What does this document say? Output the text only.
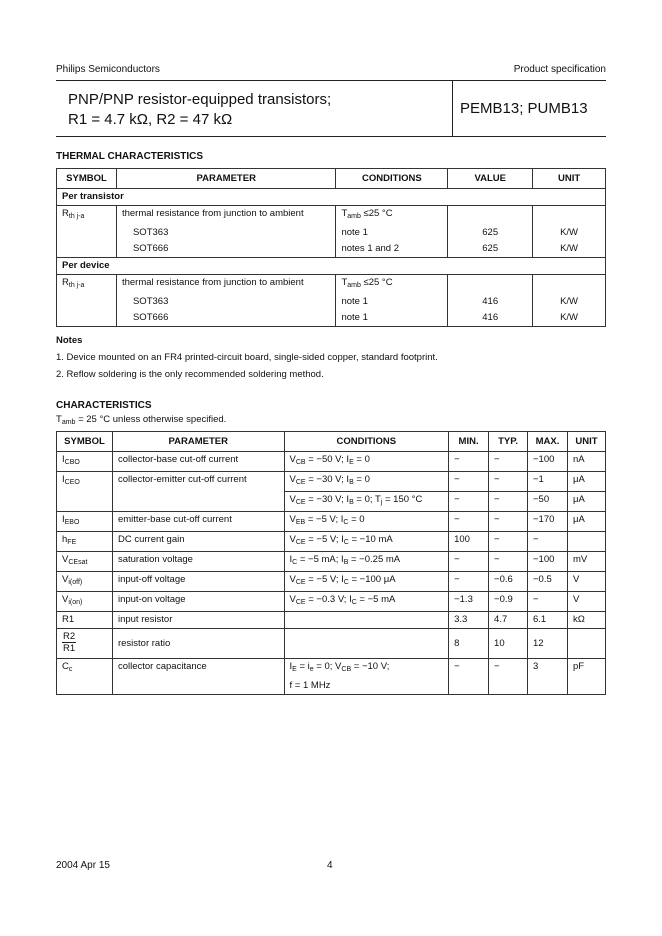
Philips Semiconductors	Product specification
PNP/PNP resistor-equipped transistors;
R1 = 4.7 kΩ, R2 = 47 kΩ
PEMB13; PUMB13
THERMAL CHARACTERISTICS
SYMBOL	PARAMETER	CONDITIONS	VALUE	UNIT
Per transistor				
$R_{th j-a}$	thermal resistance from junction to ambient	$T_{amb} \le 25$ °C		
	SOT363	note 1	625	K/W
	SOT666	notes 1 and 2	625	K/W
Per device				
$R_{th j-a}$	thermal resistance from junction to ambient	$T_{amb} \le 25$ °C		
	SOT363	note 1	416	K/W
	SOT666	note 1	416	K/W
Notes
1. Device mounted on an FR4 printed-circuit board, single-sided copper, standard footprint.
2. Reflow soldering is the only recommended soldering method.
CHARACTERISTICS
$T_{amb} = 25$ °C unless otherwise specified.
SYMBOL	PARAMETER	CONDITIONS	MIN.	TYP.	MAX.	UNIT
$I_{CBO}$	collector-base cut-off current	$V_{CB} = -50$ V; $I_E = 0$	−	−	−100	nA
$I_{CEO}$	collector-emitter cut-off current	$V_{CE} = -30$ V; $I_B = 0$	−	−	−1	μA
		$V_{CE} = -30$ V; $I_B = 0$; $T_j = 150$ °C	−	−	−50	μA
$I_{EBO}$	emitter-base cut-off current	$V_{EB} = -5$ V; $I_C = 0$	−	−	−170	μA
$h_{FE}$	DC current gain	$V_{CE} = -5$ V; $I_C = -10$ mA	100	−	−	
$V_{CEsat}$	saturation voltage	$I_C = -5$ mA; $I_B = -0.25$ mA	−	−	−100	mV
$V_{i(off)}$	input-off voltage	$V_{CE} = -5$ V; $I_C = -100$ μA	−	−0.6	−0.5	V
$V_{i(on)}$	input-on voltage	$V_{CE} = -0.3$ V; $I_C = -5$ mA	−1.3	−0.9	−	V
R1	input resistor		3.3	4.7	6.1	kΩ

$\frac{R2}{R1}$	resistor ratio		8	10	12	
$C_c$	collector capacitance	$I_E = i_e = 0$; $V_{CB} = -10$ V;
f = 1 MHz	−	−	3	pF
2004 Apr 15	4
